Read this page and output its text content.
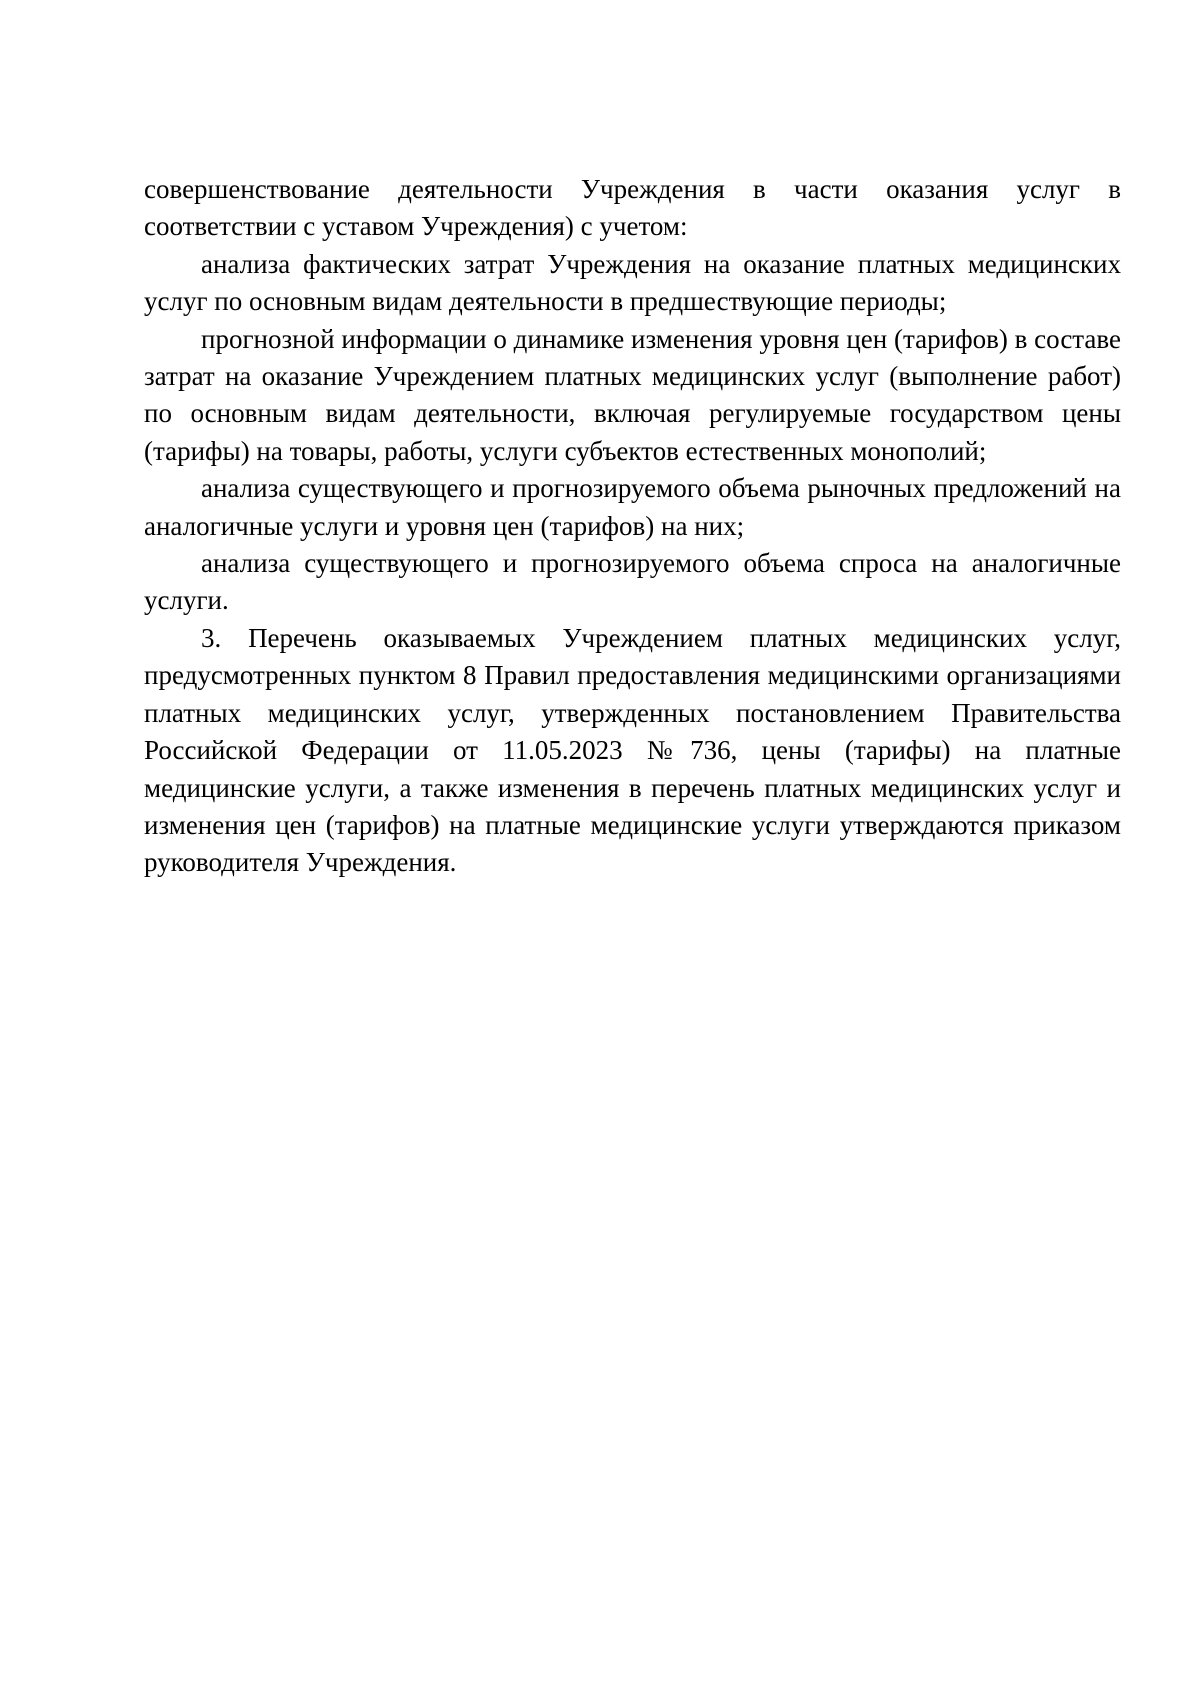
совершенствование деятельности Учреждения в части оказания услуг в соответствии с уставом Учреждения) с учетом:

анализа фактических затрат Учреждения на оказание платных медицинских услуг по основным видам деятельности в предшествующие периоды;

прогнозной информации о динамике изменения уровня цен (тарифов) в составе затрат на оказание Учреждением платных медицинских услуг (выполнение работ) по основным видам деятельности, включая регулируемые государством цены (тарифы) на товары, работы, услуги субъектов естественных монополий;

анализа существующего и прогнозируемого объема рыночных предложений на аналогичные услуги и уровня цен (тарифов) на них;

анализа существующего и прогнозируемого объема спроса на аналогичные услуги.

3. Перечень оказываемых Учреждением платных медицинских услуг, предусмотренных пунктом 8 Правил предоставления медицинскими организациями платных медицинских услуг, утвержденных постановлением Правительства Российской Федерации от 11.05.2023 №736, цены (тарифы) на платные медицинские услуги, а также изменения в перечень платных медицинских услуг и изменения цен (тарифов) на платные медицинские услуги утверждаются приказом руководителя Учреждения.
